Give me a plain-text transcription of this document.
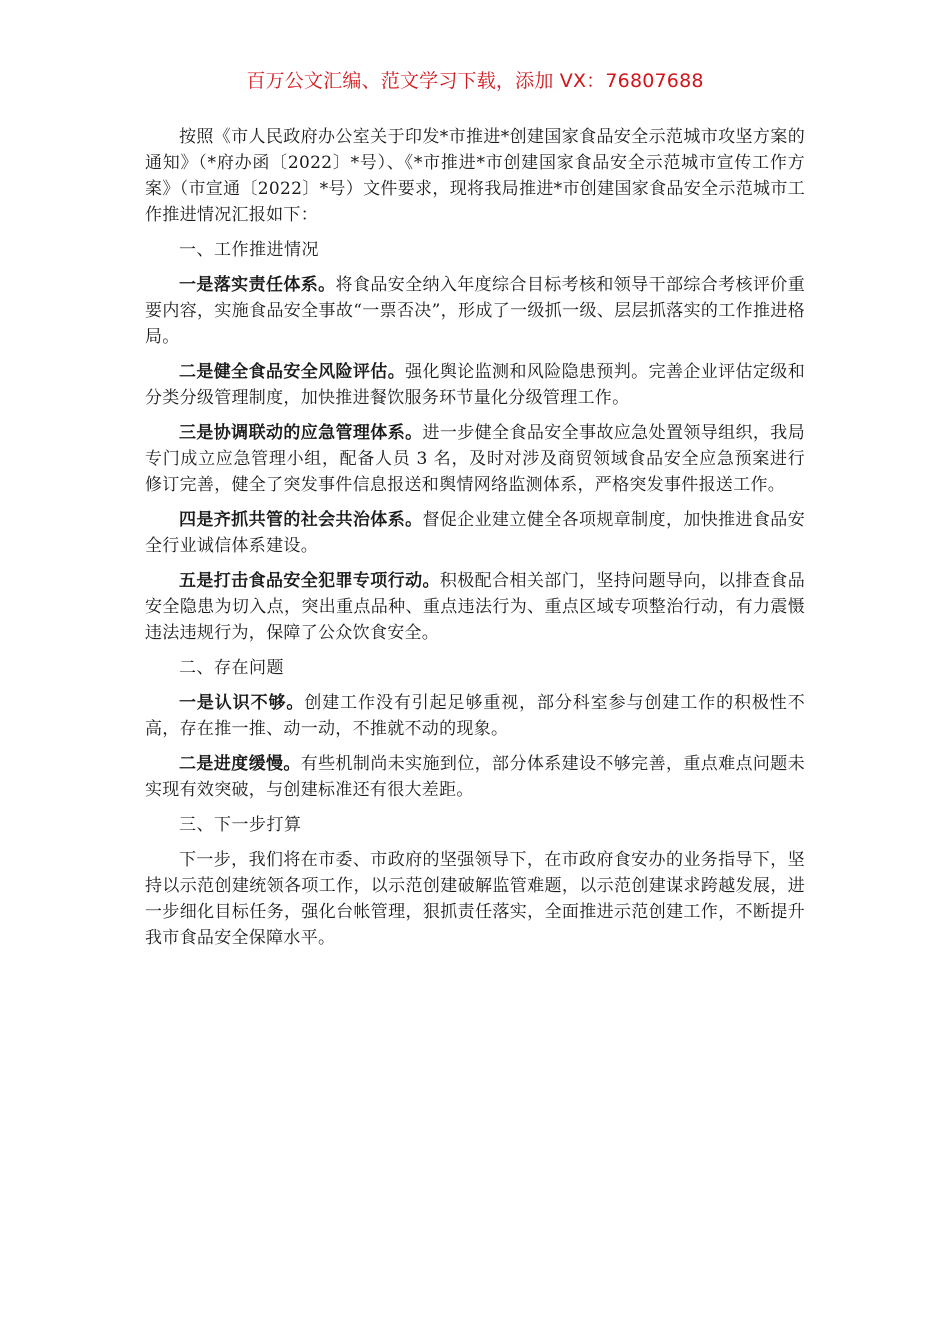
百万公文汇编、范文学习下载，添加 VX：76807688

按照《市人民政府办公室关于印发*市推进*创建国家食品安全示范城市攻坚方案的通知》（*府办函〔2022〕*号）、《*市推进*市创建国家食品安全示范城市宣传工作方案》（市宣通〔2022〕*号）文件要求，现将我局推进*市创建国家食品安全示范城市工作推进情况汇报如下：

一、工作推进情况

一是落实责任体系。将食品安全纳入年度综合目标考核和领导干部综合考核评价重要内容，实施食品安全事故“一票否决”，形成了一级抓一级、层层抓落实的工作推进格局。

二是健全食品安全风险评估。强化舆论监测和风险隐患预判。完善企业评估定级和分类分级管理制度，加快推进餐饮服务环节量化分级管理工作。

三是协调联动的应急管理体系。进一步健全食品安全事故应急处置领导组织，我局专门成立应急管理小组，配备人员 3 名，及时对涉及商贸领域食品安全应急预案进行修订完善，健全了突发事件信息报送和舆情网络监测体系，严格突发事件报送工作。

四是齐抓共管的社会共治体系。督促企业建立健全各项规章制度，加快推进食品安全行业诚信体系建设。

五是打击食品安全犯罪专项行动。积极配合相关部门，坚持问题导向，以排查食品安全隐患为切入点，突出重点品种、重点违法行为、重点区域专项整治行动，有力震慑违法违规行为，保障了公众饮食安全。

二、存在问题

一是认识不够。创建工作没有引起足够重视，部分科室参与创建工作的积极性不高，存在推一推、动一动，不推就不动的现象。

二是进度缓慢。有些机制尚未实施到位，部分体系建设不够完善，重点难点问题未实现有效突破，与创建标准还有很大差距。

三、下一步打算

下一步，我们将在市委、市政府的坚强领导下，在市政府食安办的业务指导下，坚持以示范创建统领各项工作，以示范创建破解监管难题，以示范创建谋求跨越发展，进一步细化目标任务，强化台帐管理，狠抓责任落实，全面推进示范创建工作，不断提升我市食品安全保障水平。
